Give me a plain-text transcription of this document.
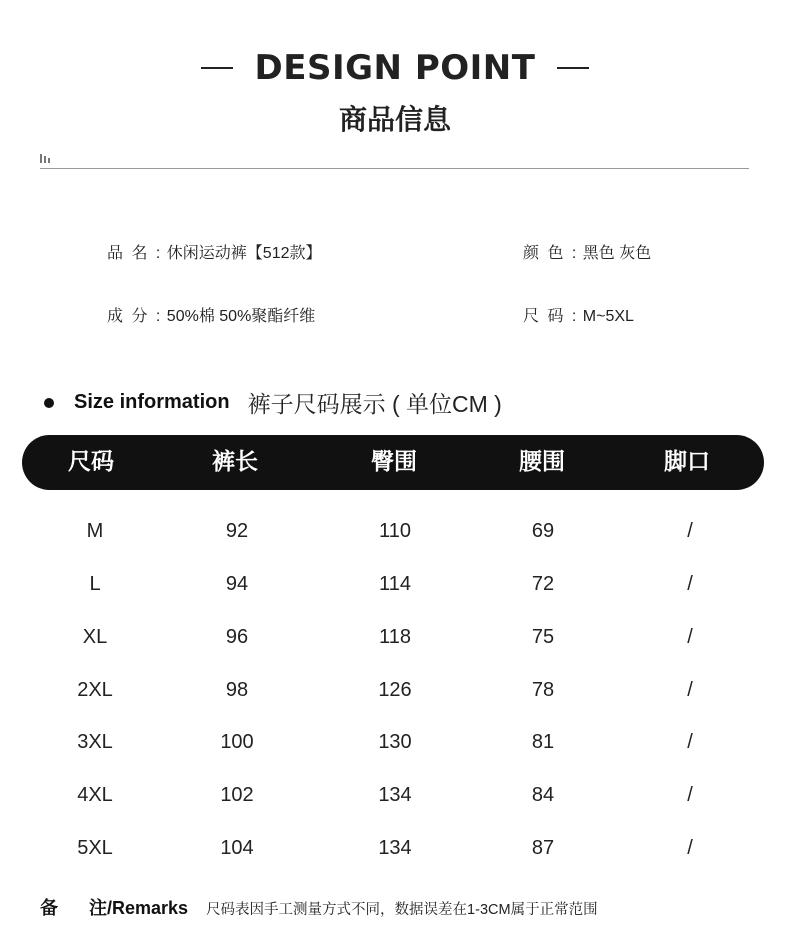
DESIGN POINT
商品信息
品 名 : 休闲运动裤【512款】	颜 色 : 黑色 灰色
成 分 : 50%棉 50%聚酯纤维	尺 码 : M~5XL
Size information 裤子尺码展示 ( 单位CM )
尺码	裤长	臀围	腰围	脚口
M	92	110	69	/
L	94	114	72	/
XL	96	118	75	/
2XL	98	126	78	/
3XL	100	130	81	/
4XL	102	134	84	/
5XL	104	134	87	/
备 注/Remarks 尺码表因手工测量方式不同，数据误差在1-3CM属于正常范围
